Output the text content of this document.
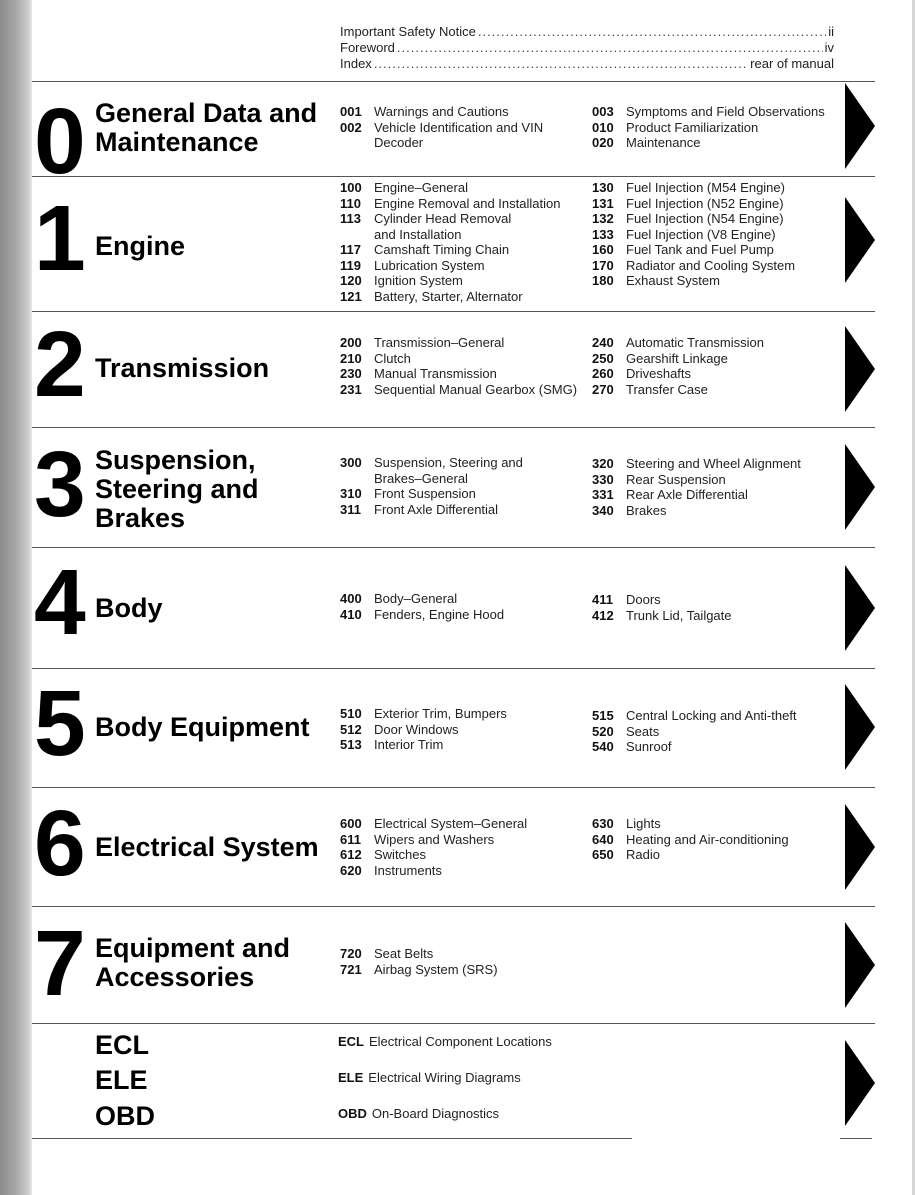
Important Safety Notice .....	ii
Foreword .....	iv
Index .....	rear of manual
0 General Data and Maintenance
001 Warnings and Cautions
002 Vehicle Identification and VIN
Decoder
003 Symptoms and Field Observations
010 Product Familiarization
020 Maintenance
1 Engine
100 Engine–General
110	Engine Removal and Installation
113	Cylinder Head Removal
and Installation
117	Camshaft Timing Chain
119	Lubrication System
120 Ignition System
121 Battery, Starter, Alternator
130 Fuel Injection (M54 Engine)
131 Fuel Injection (N52 Engine)
132 Fuel Injection (N54 Engine)
133 Fuel Injection (V8 Engine)
160 Fuel Tank and Fuel Pump
170 Radiator and Cooling System
180 Exhaust System
2 Transmission
200 Transmission–General
210 Clutch
230 Manual Transmission
231 Sequential Manual Gearbox (SMG)
240 Automatic Transmission
250 Gearshift Linkage
260 Driveshafts
270 Transfer Case
3 Suspension, Steering and Brakes
300 Suspension, Steering and
Brakes–General
310 Front Suspension
311	Front Axle Differential
320 Steering and Wheel Alignment
330 Rear Suspension
331 Rear Axle Differential
340 Brakes
4 Body	400 Body–General
410 Fenders, Engine Hood
411	Doors
412 Trunk Lid, Tailgate
5 Body Equipment	510 Exterior Trim, Bumpers
512 Door Windows
513 Interior Trim
515 Central Locking and Anti-theft
520 Seats
540 Sunroof
6 Electrical System
600 Electrical System–General
611	Wipers and Washers
612 Switches
620 Instruments
630 Lights
640 Heating and Air-conditioning
650 Radio
7 Equipment and Accessories
720 Seat Belts
721 Airbag System (SRS)
ECL
ELE
OBD
ECL Electrical Component Locations
ELE Electrical Wiring Diagrams
OBD On-Board Diagnostics
